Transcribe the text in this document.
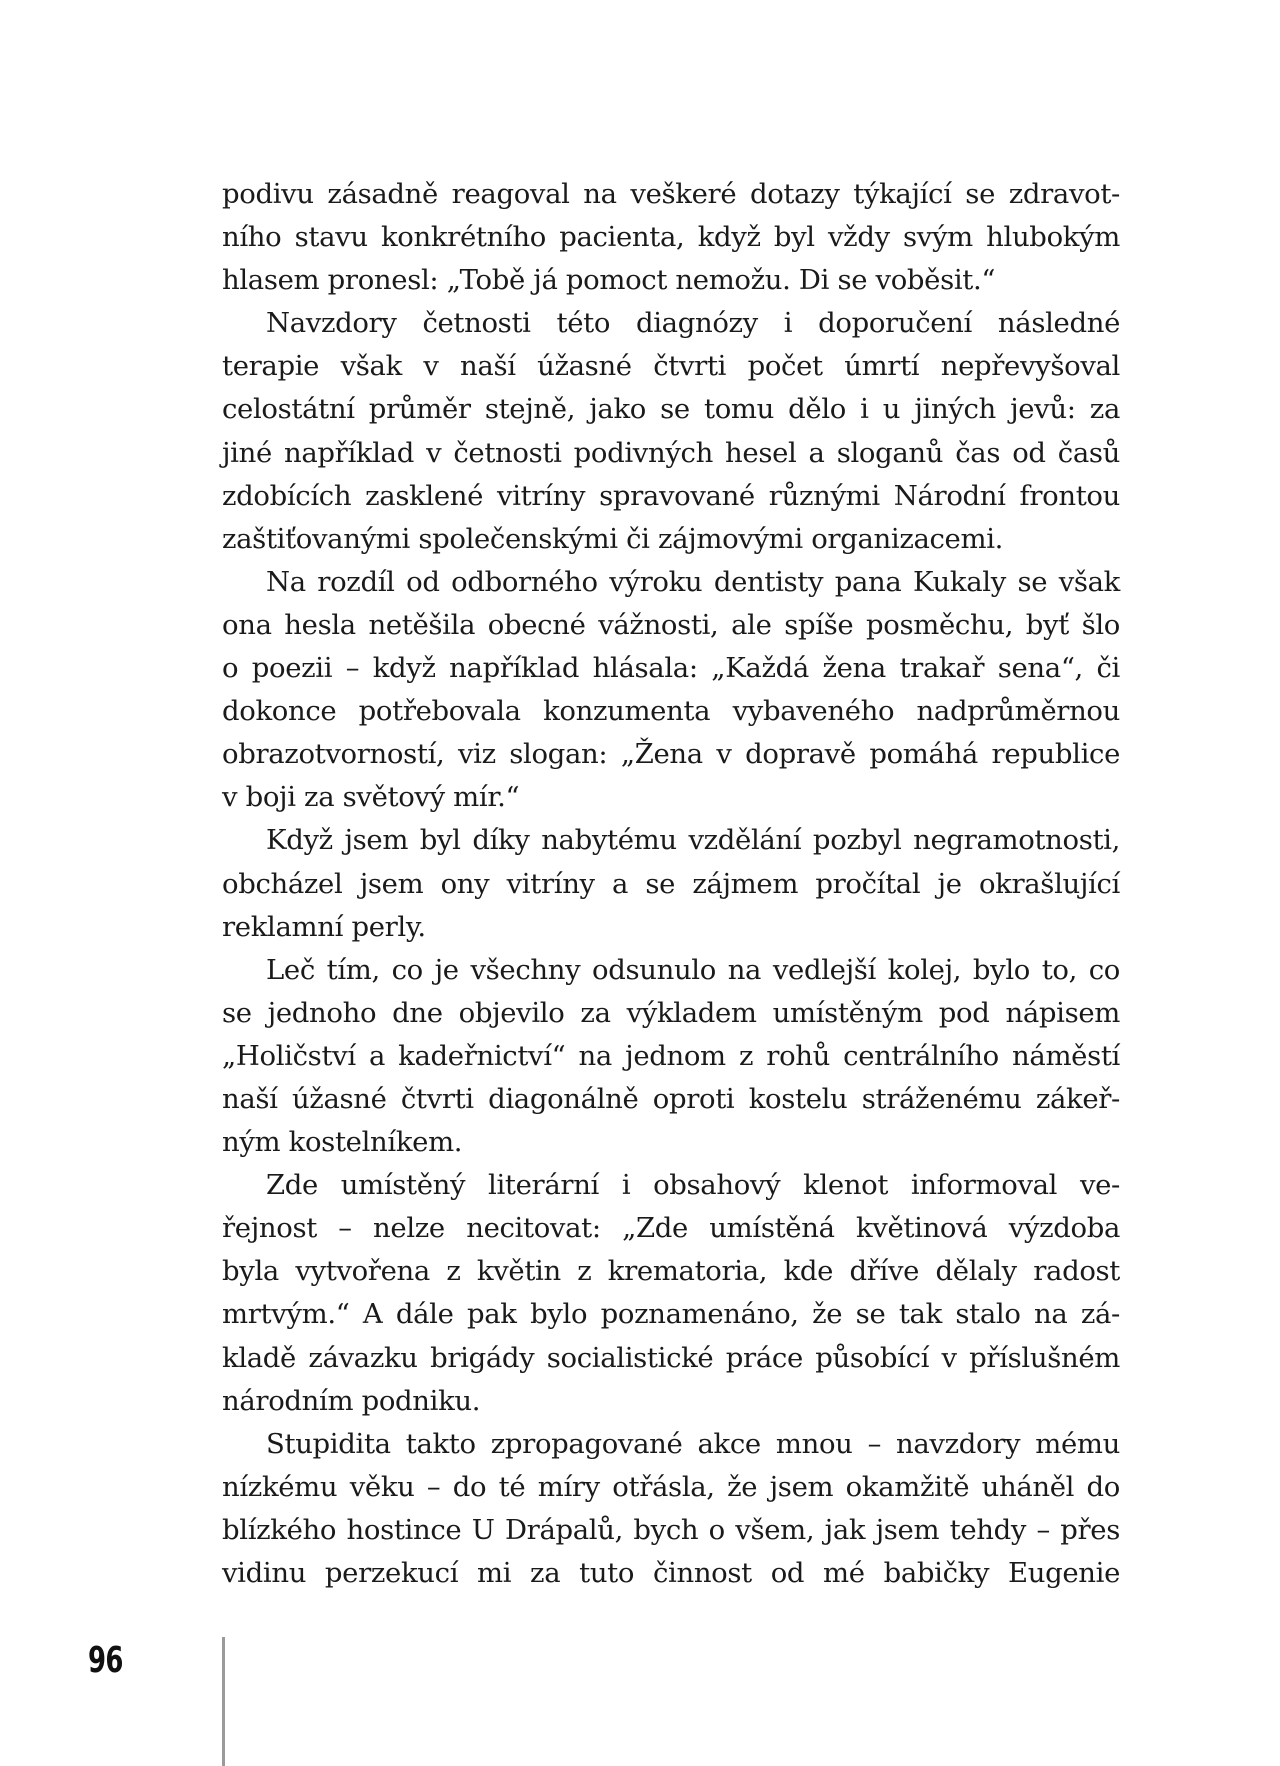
podivu zásadně reagoval na veškeré dotazy týkající se zdravot-
ního stavu konkrétního pacienta, když byl vždy svým hlubokým
hlasem pronesl: „Tobě já pomoct nemožu. Di se voběsit.“
Navzdory četnosti této diagnózy i doporučení následné
terapie však v naší úžasné čtvrti počet úmrtí nepřevyšoval
celostátní průměr stejně, jako se tomu dělo i u jiných jevů: za
jiné například v četnosti podivných hesel a sloganů čas od časů
zdobících zasklené vitríny spravované různými Národní frontou
zaštiťovanými společenskými či zájmovými organizacemi.
Na rozdíl od odborného výroku dentisty pana Kukaly se však
ona hesla netěšila obecné vážnosti, ale spíše posměchu, byť šlo
o poezii – když například hlásala: „Každá žena trakař sena“, či
dokonce potřebovala konzumenta vybaveného nadprůměrnou
obrazotvorností, viz slogan: „Žena v dopravě pomáhá republice
v boji za světový mír.“
Když jsem byl díky nabytému vzdělání pozbyl negramotnosti,
obcházel jsem ony vitríny a se zájmem pročítal je okrašlující
reklamní perly.
Leč tím, co je všechny odsunulo na vedlejší kolej, bylo to, co
se jednoho dne objevilo za výkladem umístěným pod nápisem
„Holičství a kadeřnictví“ na jednom z rohů centrálního náměstí
naší úžasné čtvrti diagonálně oproti kostelu stráženému zákeř-
ným kostelníkem.
Zde umístěný literární i obsahový klenot informoval ve-
řejnost – nelze necitovat: „Zde umístěná květinová výzdoba
byla vytvořena z květin z krematoria, kde dříve dělaly radost
mrtvým.“ A dále pak bylo poznamenáno, že se tak stalo na zá-
kladě závazku brigády socialistické práce působící v příslušném
národním podniku.
Stupidita takto zpropagované akce mnou – navzdory mému
nízkému věku – do té míry otřásla, že jsem okamžitě uháněl do
blízkého hostince U Drápalů, bych o všem, jak jsem tehdy – přes
vidinu perzekucí mi za tuto činnost od mé babičky Eugenie
96
